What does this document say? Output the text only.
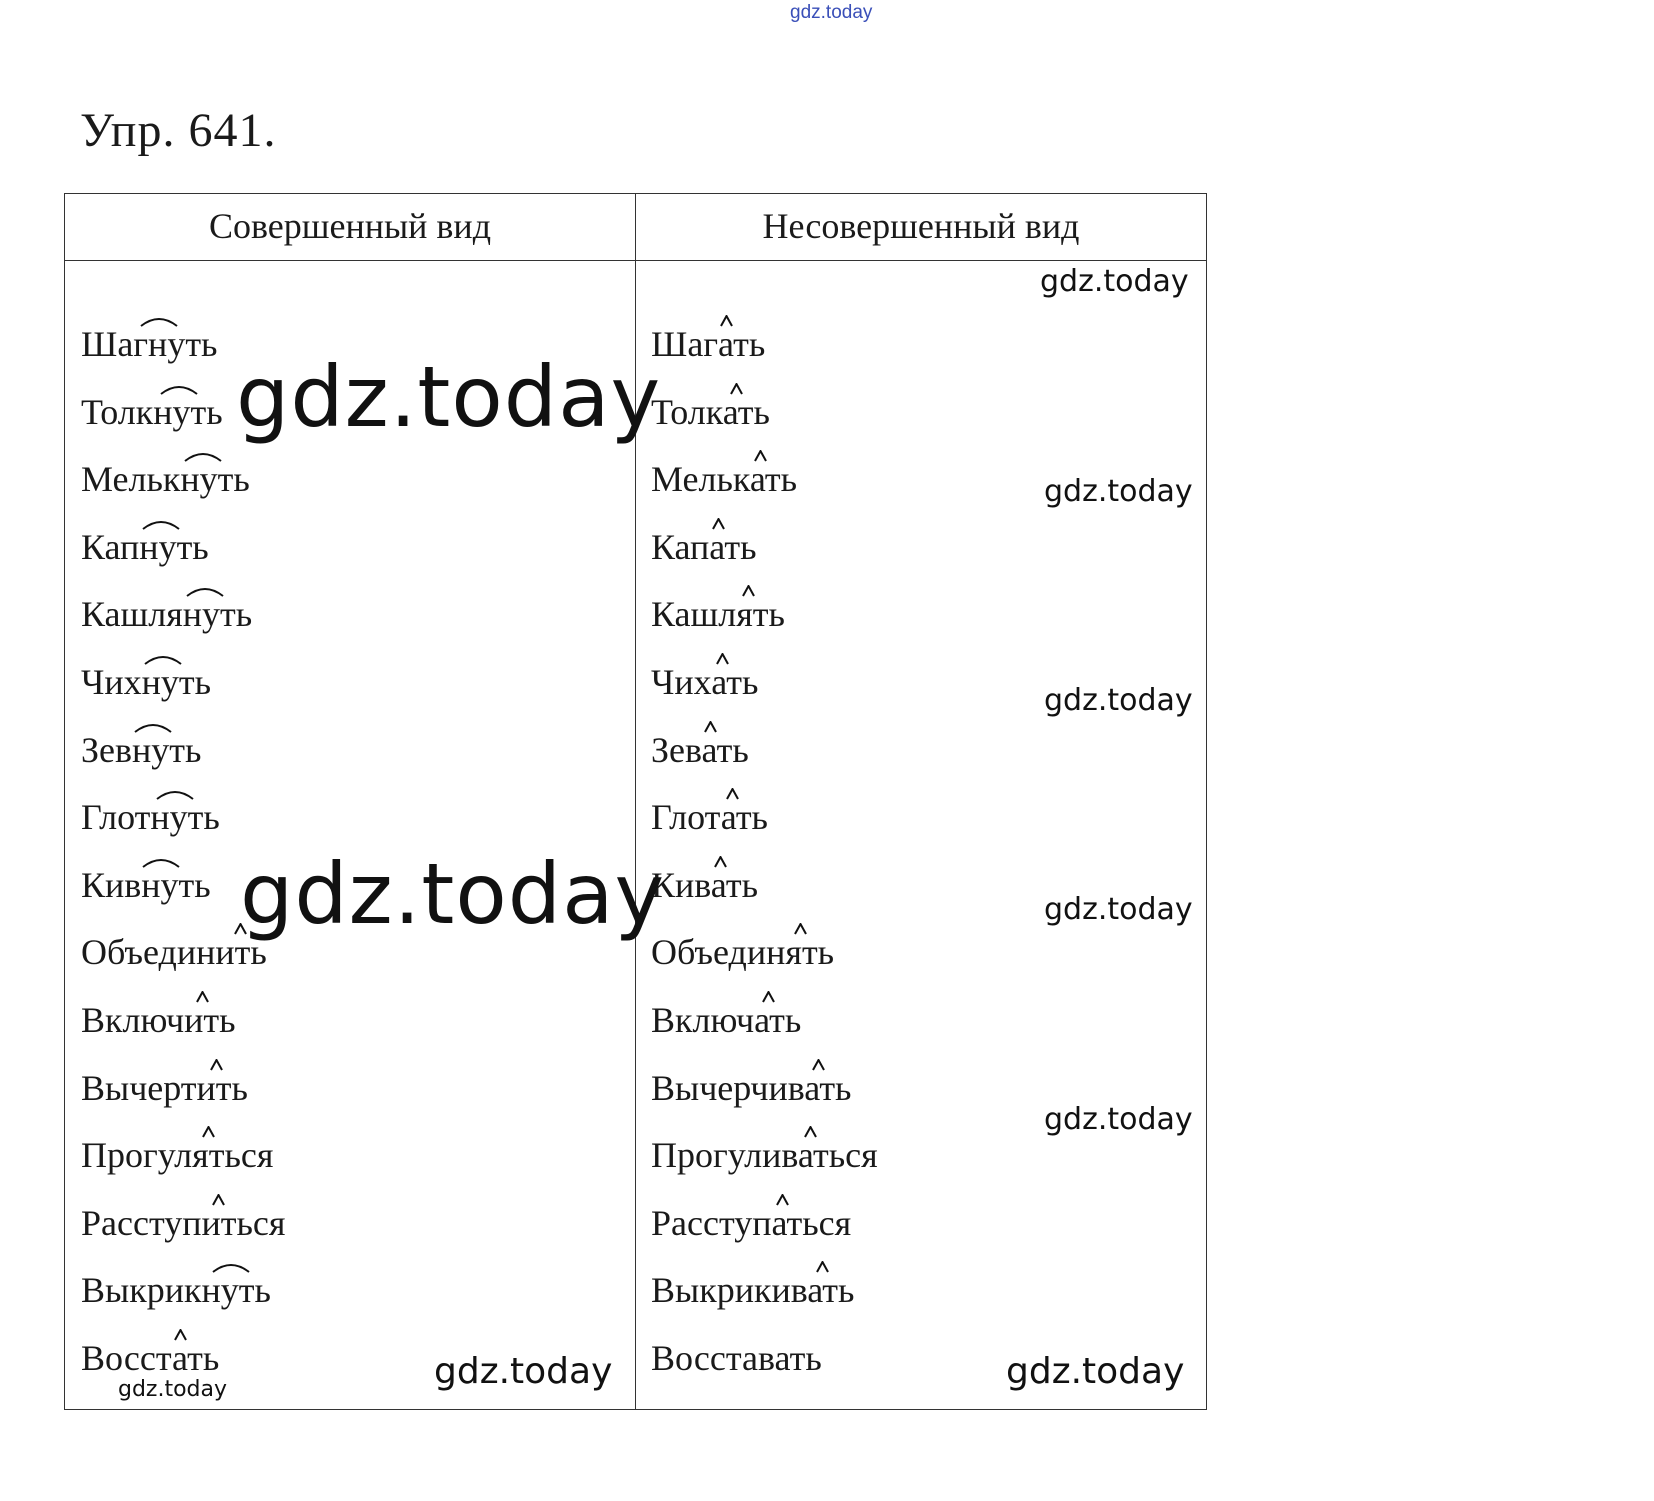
gdz.today
Упр. 641.
Совершенный вид	Несовершенный вид
Шагнуть
Толкнуть
Мелькнуть
Капнуть
Кашлянуть
Чихнуть
Зевнуть
Глотнуть
Кивнуть
Объединить
Включить
Вычертить
Прогуляться
Расступиться
Выкрикнуть
Восстать
Шагать
Толкать
Мелькать
Капать
Кашлять
Чихать
Зевать
Глотать
Кивать
Объединять
Включать
Вычерчивать
Прогуливаться
Расступаться
Выкрикивать
Восставать
gdz.today
gdz.today
gdz.today
gdz.today
gdz.today
gdz.today
gdz.today
gdz.today	gdz.today
gdz.today
